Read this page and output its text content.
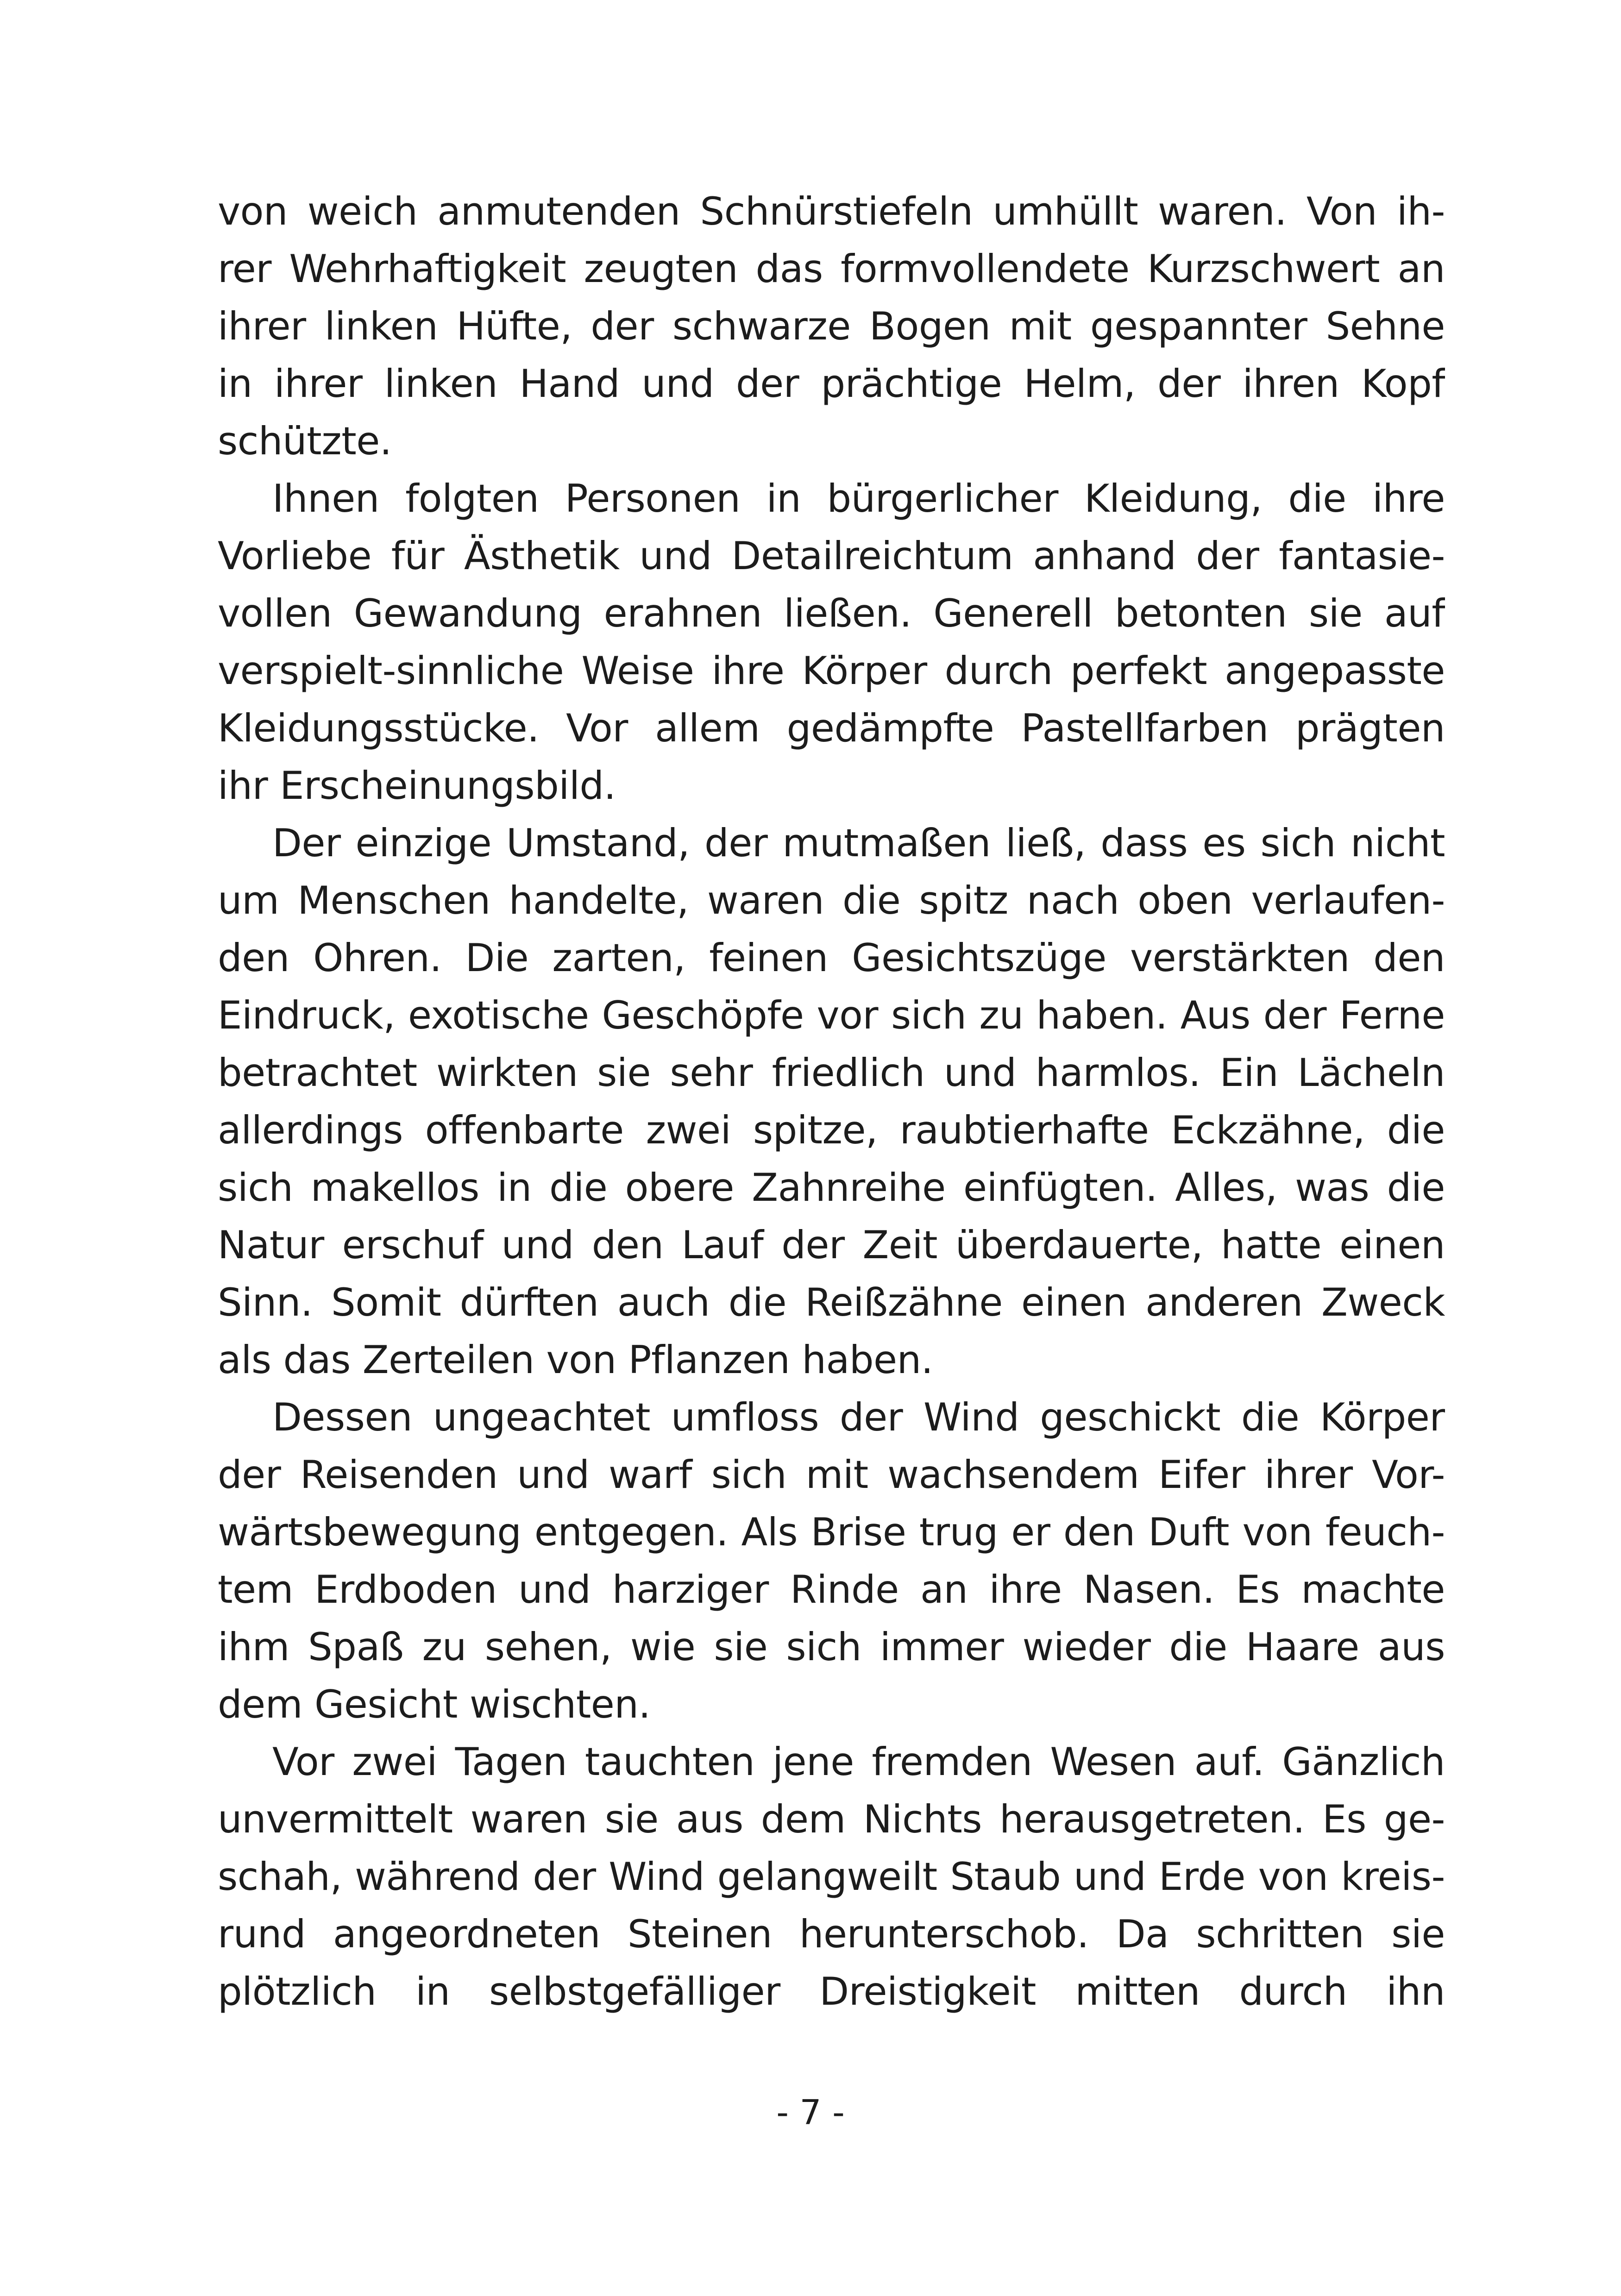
von weich anmutenden Schnürstiefeln umhüllt waren. Von ih-
rer Wehrhaftigkeit zeugten das formvollendete Kurzschwert an
ihrer linken Hüfte, der schwarze Bogen mit gespannter Sehne
in ihrer linken Hand und der prächtige Helm, der ihren Kopf
schützte.
Ihnen folgten Personen in bürgerlicher Kleidung, die ihre
Vorliebe für Ästhetik und Detailreichtum anhand der fantasie-
vollen Gewandung erahnen ließen. Generell betonten sie auf
verspielt-sinnliche Weise ihre Körper durch perfekt angepasste
Kleidungsstücke. Vor allem gedämpfte Pastellfarben prägten
ihr Erscheinungsbild.
Der einzige Umstand, der mutmaßen ließ, dass es sich nicht
um Menschen handelte, waren die spitz nach oben verlaufen-
den Ohren. Die zarten, feinen Gesichtszüge verstärkten den
Eindruck, exotische Geschöpfe vor sich zu haben. Aus der Ferne
betrachtet wirkten sie sehr friedlich und harmlos. Ein Lächeln
allerdings offenbarte zwei spitze, raubtierhafte Eckzähne, die
sich makellos in die obere Zahnreihe einfügten. Alles, was die
Natur erschuf und den Lauf der Zeit überdauerte, hatte einen
Sinn. Somit dürften auch die Reißzähne einen anderen Zweck
als das Zerteilen von Pflanzen haben.
Dessen ungeachtet umfloss der Wind geschickt die Körper
der Reisenden und warf sich mit wachsendem Eifer ihrer Vor-
wärtsbewegung entgegen. Als Brise trug er den Duft von feuch-
tem Erdboden und harziger Rinde an ihre Nasen. Es machte
ihm Spaß zu sehen, wie sie sich immer wieder die Haare aus
dem Gesicht wischten.
Vor zwei Tagen tauchten jene fremden Wesen auf. Gänzlich
unvermittelt waren sie aus dem Nichts herausgetreten. Es ge-
schah, während der Wind gelangweilt Staub und Erde von kreis-
rund angeordneten Steinen herunterschob. Da schritten sie
plötzlich in selbstgefälliger Dreistigkeit mitten durch ihn
- 7 -
